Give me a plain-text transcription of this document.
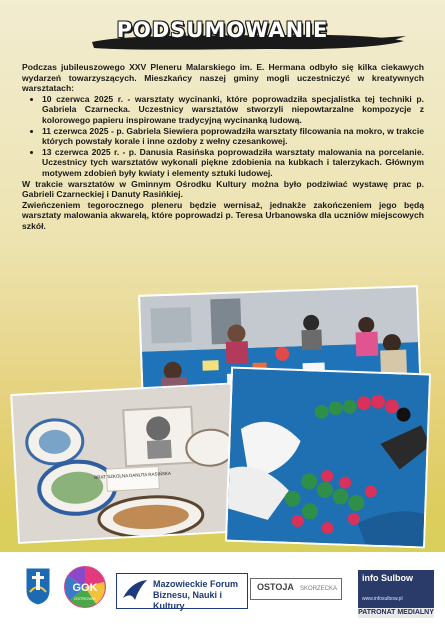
PODSUMOWANIE

Podczas jubileuszowego XXV Pleneru Malarskiego im. E. Hermana odbyło się kilka ciekawych wydarzeń towarzyszących. Mieszkańcy naszej gminy mogli uczestniczyć w kreatywnych warsztatach:

• 10 czerwca 2025 r. - warsztaty wycinanki, które poprowadziła specjalistka tej techniki p. Gabriela Czarnecka. Uczestnicy warsztatów stworzyli niepowtarzalne kompozycje z kolorowego papieru inspirowane tradycyjną wycinanką ludową.
• 11 czerwca 2025 - p. Gabriela Siewiera poprowadziła warsztaty filcowania na mokro, w trakcie których powstały korale i inne ozdoby z wełny czesankowej.
• 13 czerwca 2025 r. - p. Danusia Rasińska poprowadziła warsztaty malowania na porcelanie. Uczestnicy tych warsztatów wykonali piękne zdobienia na kubkach i talerzykach. Głównym motywem zdobień były kwiaty i elementy sztuki ludowej.

W trakcie warsztatów w Gminnym Ośrodku Kultury można było podziwiać wystawę prac p. Gabrieli Czarneckiej i Danuty Rasińkiej.

Zwieńczeniem tegorocznego pleneru będzie wernisaż, jednakże zakończeniem jego będą warsztaty malowania akwarelą, które poprowadzi p. Teresa Urbanowska dla uczniów miejscowych szkół.

BRAT SZKOLNA DANUTA RASIŃSKA
GOK
OSTROWIE
Mazowieckie Forum Biznesu, Nauki i Kultury
OSTOJA SKORZECKA
info Sulbow
www.infosulbow.pl
PATRONAT MEDIALNY
